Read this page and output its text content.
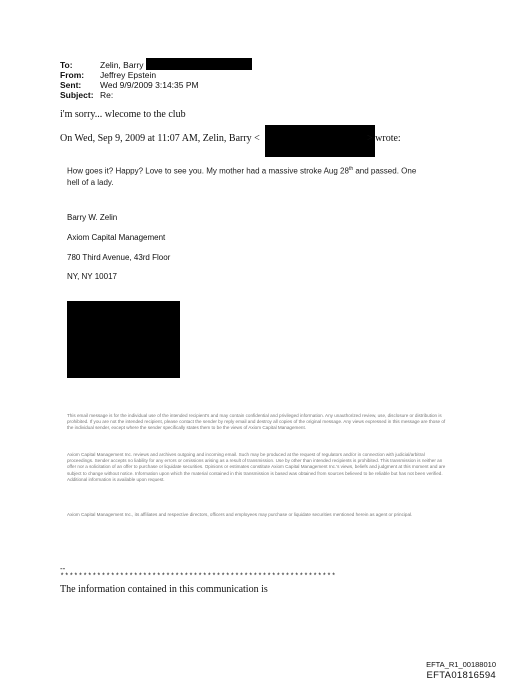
To:	Zelin, Barry
From:	Jeffrey Epstein
Sent:	Wed 9/9/2009 3:14:35 PM
Subject: Re:
i'm sorry... wlecome to the club
On Wed, Sep 9, 2009 at 11:07 AM, Zelin, Barry <	> wrote:
How goes it? Happy? Love to see you. My mother had a massive stroke Aug 28th and passed. One
hell of a lady.
Barry W. Zelin
Axiom Capital Management
780 Third Avenue, 43rd Floor
NY, NY 10017
This email message is for the individual use of the intended recipient's and may contain confidential and privileged information. Any unauthorized review, use, disclosure or distribution is prohibited. If you are not the intended recipient, please contact the sender by reply email and destroy all copies of the original message. Any views expressed in this message are those of the individual sender, except where the sender specifically states them to be the views of Axiom Capital Management.
Axiom Capital Management Inc. reviews and archives outgoing and incoming email. Such may be produced at the request of regulators and/or in connection with judicial/arbitral proceedings. Sender accepts no liability for any errors or omissions arising as a result of transmission. Use by other than intended recipients is prohibited. This transmission is neither an offer nor a solicitation of an offer to purchase or liquidate securities. Opinions or estimates constitute Axiom Capital Management Inc.'s views, beliefs and judgment at this moment and are subject to change without notice. Information upon which the material contained in this transmission is based was obtained from sources believed to be reliable but has not been verified. Additional information is available upon request.
Axiom Capital Management Inc., its affiliates and respective directors, officers and employees may purchase or liquidate securities mentioned herein as agent or principal.
--
************************************************************
The information contained in this communication is
EFTA_R1_00188010
EFTA01816594
